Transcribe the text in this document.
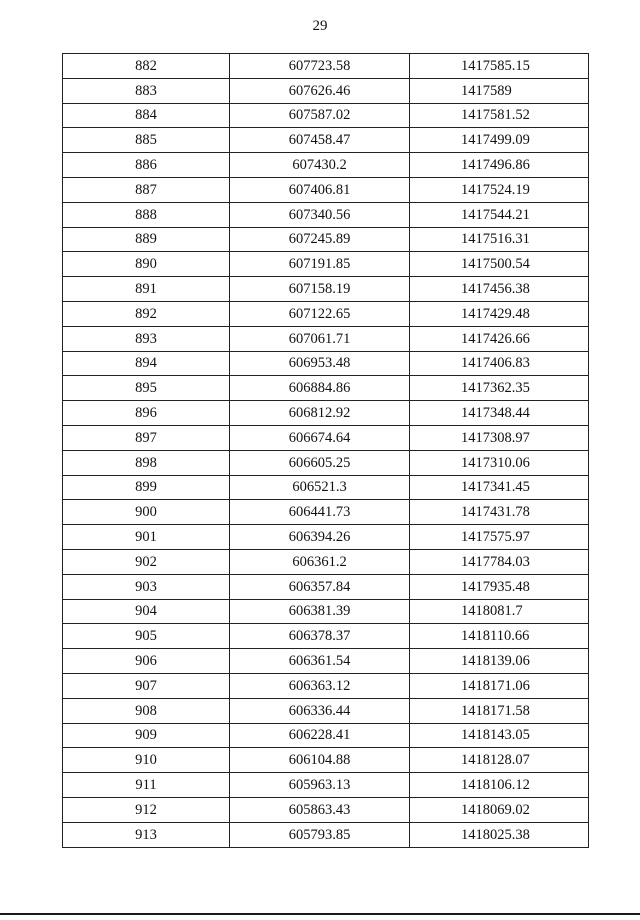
29
882	607723.58	1417585.15
883	607626.46	1417589
884	607587.02	1417581.52
885	607458.47	1417499.09
886	607430.2	1417496.86
887	607406.81	1417524.19
888	607340.56	1417544.21
889	607245.89	1417516.31
890	607191.85	1417500.54
891	607158.19	1417456.38
892	607122.65	1417429.48
893	607061.71	1417426.66
894	606953.48	1417406.83
895	606884.86	1417362.35
896	606812.92	1417348.44
897	606674.64	1417308.97
898	606605.25	1417310.06
899	606521.3	1417341.45
900	606441.73	1417431.78
901	606394.26	1417575.97
902	606361.2	1417784.03
903	606357.84	1417935.48
904	606381.39	1418081.7
905	606378.37	1418110.66
906	606361.54	1418139.06
907	606363.12	1418171.06
908	606336.44	1418171.58
909	606228.41	1418143.05
910	606104.88	1418128.07
911	605963.13	1418106.12
912	605863.43	1418069.02
913	605793.85	1418025.38
